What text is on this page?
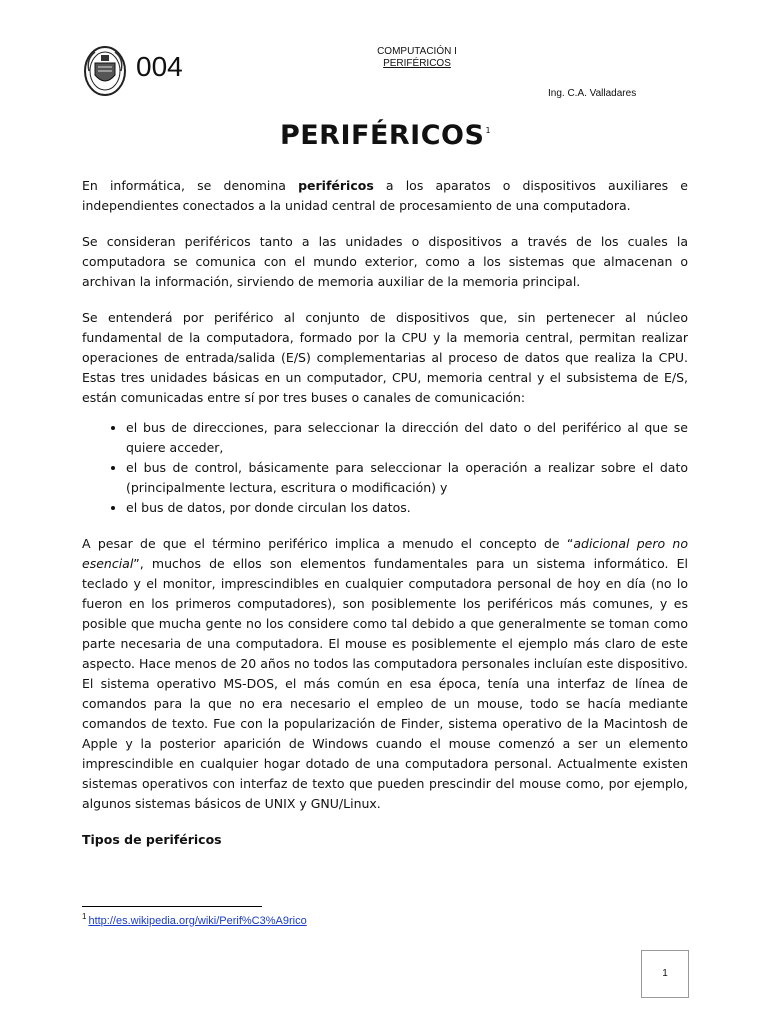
004	COMPUTACIÓN I
PERIFÉRICOS
Ing. C.A. Valladares
PERIFÉRICOS$^1$

En informática, se denomina periféricos a los aparatos o dispositivos auxiliares e independientes conectados a la unidad central de procesamiento de una computadora.

Se consideran periféricos tanto a las unidades o dispositivos a través de los cuales la computadora se comunica con el mundo exterior, como a los sistemas que almacenan o archivan la información, sirviendo de memoria auxiliar de la memoria principal.

Se entenderá por periférico al conjunto de dispositivos que, sin pertenecer al núcleo fundamental de la computadora, formado por la CPU y la memoria central, permitan realizar operaciones de entrada/salida (E/S) complementarias al proceso de datos que realiza la CPU. Estas tres unidades básicas en un computador, CPU, memoria central y el subsistema de E/S, están comunicadas entre sí por tres buses o canales de comunicación:

• el bus de direcciones, para seleccionar la dirección del dato o del periférico al que se quiere acceder,
• el bus de control, básicamente para seleccionar la operación a realizar sobre el dato (principalmente lectura, escritura o modificación) y
• el bus de datos, por donde circulan los datos.

A pesar de que el término periférico implica a menudo el concepto de “adicional pero no esencial”, muchos de ellos son elementos fundamentales para un sistema informático. El teclado y el monitor, imprescindibles en cualquier computadora personal de hoy en día (no lo fueron en los primeros computadores), son posiblemente los periféricos más comunes, y es posible que mucha gente no los considere como tal debido a que generalmente se toman como parte necesaria de una computadora. El mouse es posiblemente el ejemplo más claro de este aspecto. Hace menos de 20 años no todos las computadora personales incluían este dispositivo. El sistema operativo MS-DOS, el más común en esa época, tenía una interfaz de línea de comandos para la que no era necesario el empleo de un mouse, todo se hacía mediante comandos de texto. Fue con la popularización de Finder, sistema operativo de la Macintosh de Apple y la posterior aparición de Windows cuando el mouse comenzó a ser un elemento imprescindible en cualquier hogar dotado de una computadora personal. Actualmente existen sistemas operativos con interfaz de texto que pueden prescindir del mouse como, por ejemplo, algunos sistemas básicos de UNIX y GNU/Linux.

Tipos de periféricos
$^1$ http://es.wikipedia.org/wiki/Perif%C3%A9rico
1
